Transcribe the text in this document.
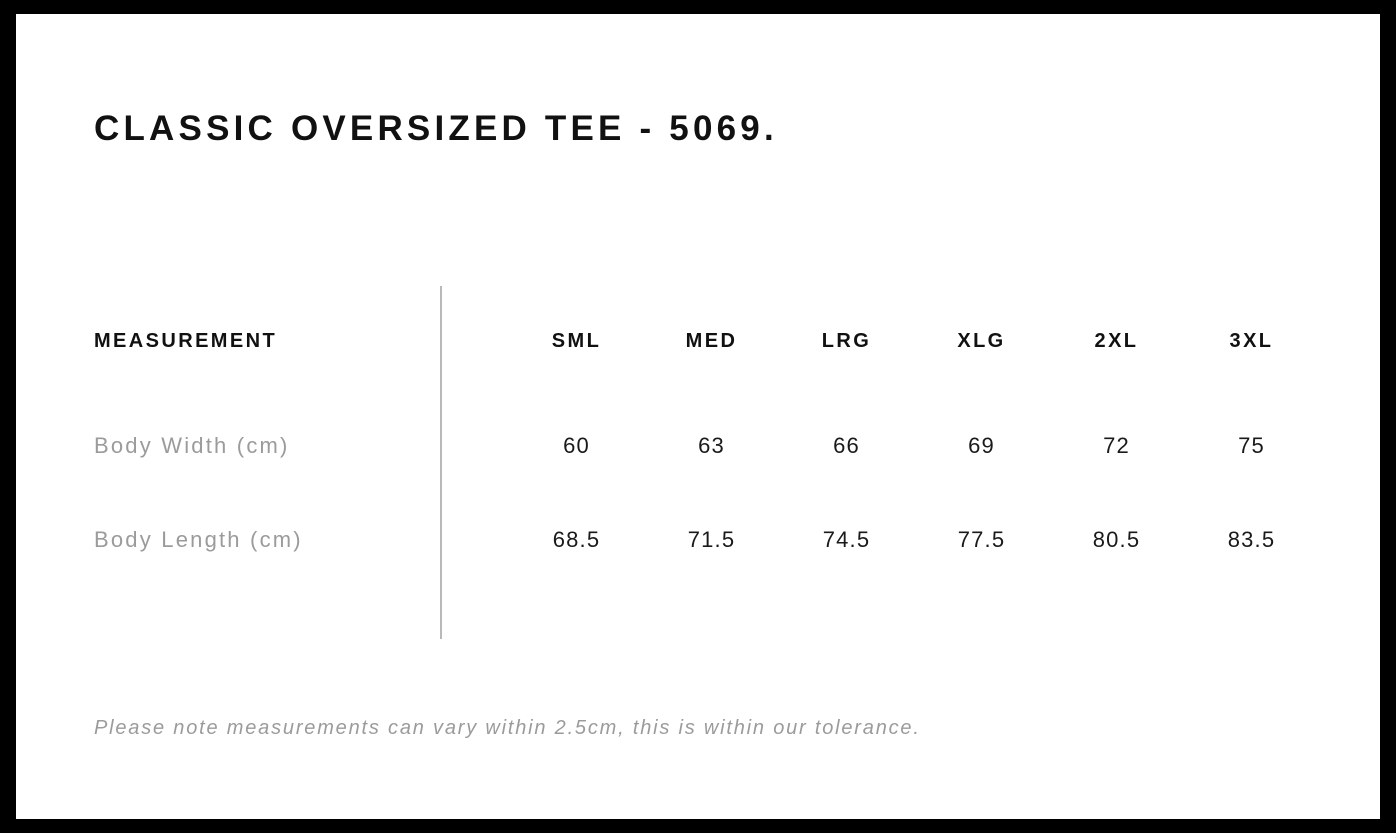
CLASSIC OVERSIZED TEE - 5069.
MEASUREMENT	SML	MED	LRG	XLG	2XL	3XL
Body Width (cm)	60	63	66	69	72	75
Body Length (cm)	68.5	71.5	74.5	77.5	80.5	83.5
Please note measurements can vary within 2.5cm, this is within our tolerance.
